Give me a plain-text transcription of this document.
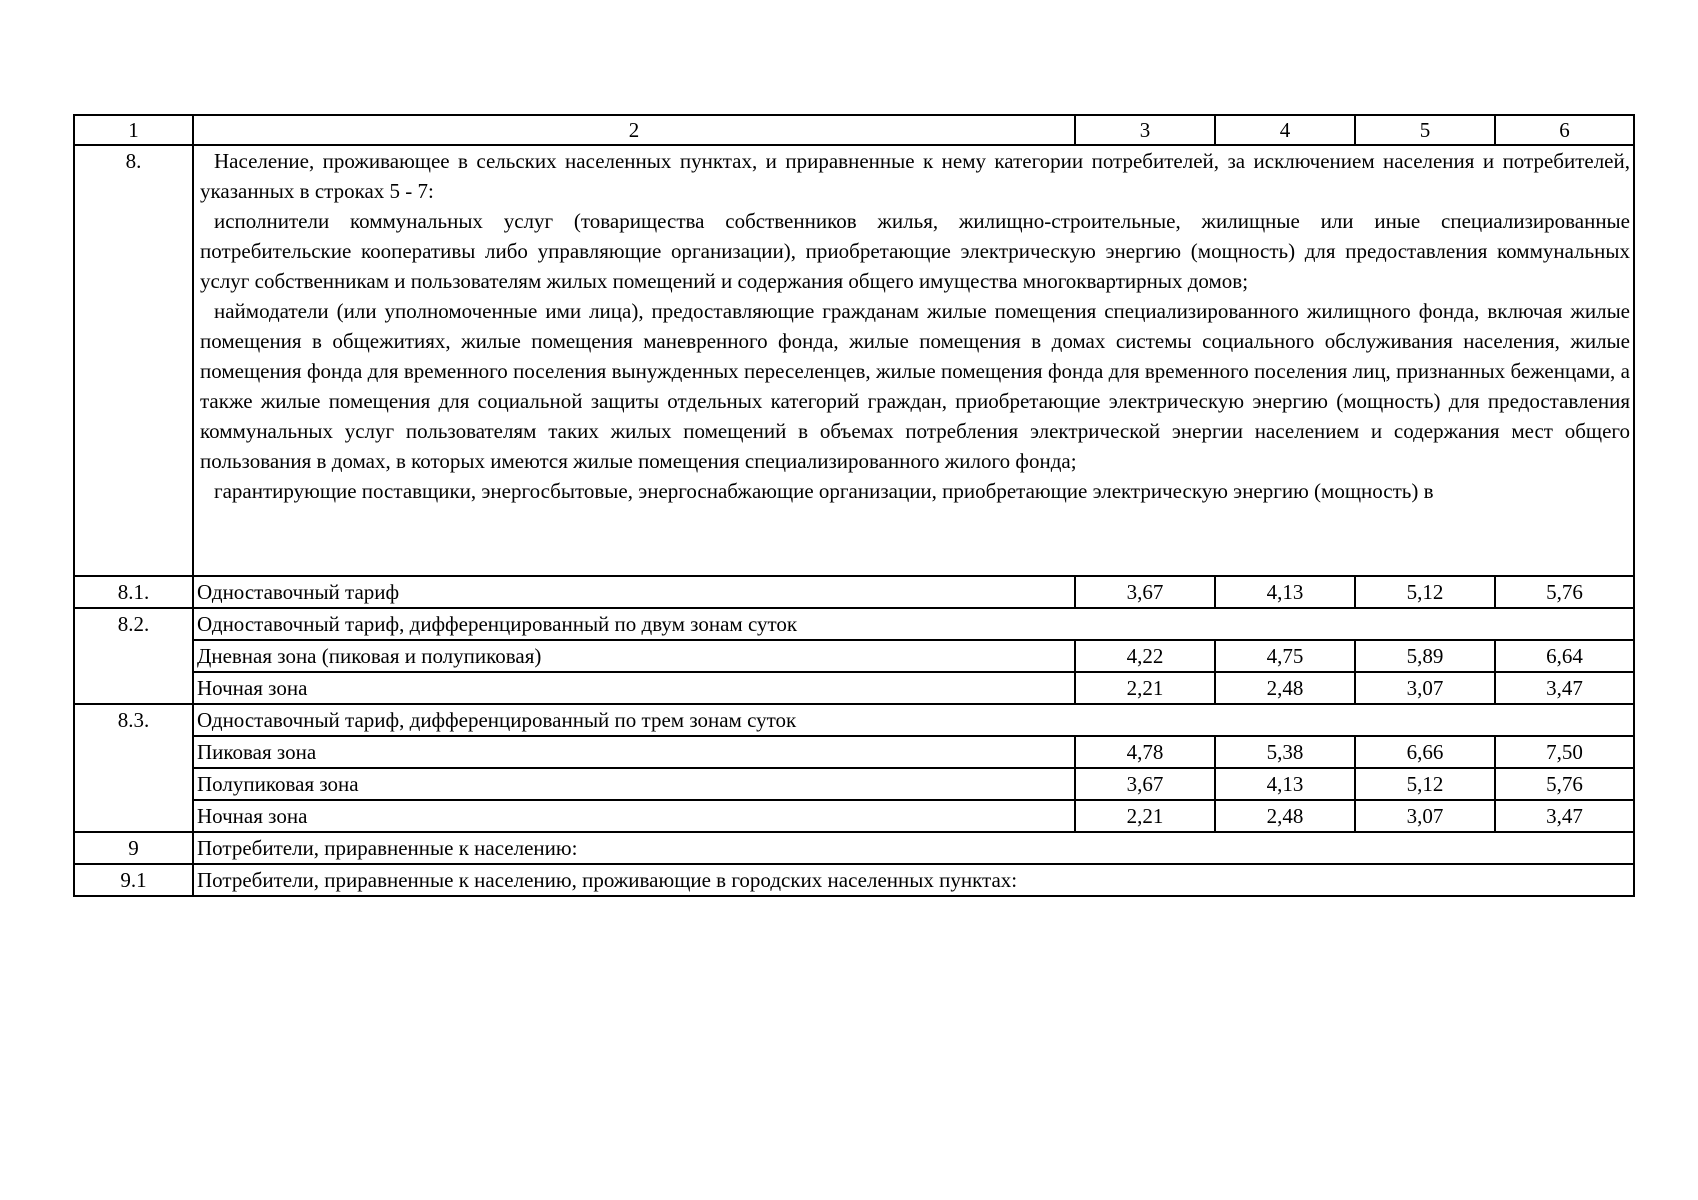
1	2	3	4	5	6
8.	Население, проживающее в сельских населенных пунктах, и приравненные к нему категории потребителей, за исключением населения и потребителей, указанных в строках 5 - 7:

исполнители коммунальных услуг (товарищества собственников жилья, жилищно-строительные, жилищные или иные специализированные потребительские кооперативы либо управляющие организации), приобретающие электрическую энергию (мощность) для предоставления коммунальных услуг собственникам и пользователям жилых помещений и содержания общего имущества многоквартирных домов;

наймодатели (или уполномоченные ими лица), предоставляющие гражданам жилые помещения специализированного жилищного фонда, включая жилые помещения в общежитиях, жилые помещения маневренного фонда, жилые помещения в домах системы социального обслуживания населения, жилые помещения фонда для временного поселения вынужденных переселенцев, жилые помещения фонда для временного поселения лиц, признанных беженцами, а также жилые помещения для социальной защиты отдельных категорий граждан, приобретающие электрическую энергию (мощность) для предоставления коммунальных услуг пользователям таких жилых помещений в объемах потребления электрической энергии населением и содержания мест общего пользования в домах, в которых имеются жилые помещения специализированного жилого фонда;

гарантирующие поставщики, энергосбытовые, энергоснабжающие организации, приобретающие электрическую энергию (мощность) в				

8.1.	Одноставочный тариф	3,67	4,13	5,12	5,76
8.2.	Одноставочный тариф, дифференцированный по двум зонам суток				
	Дневная зона (пиковая и полупиковая)	4,22	4,75	5,89	6,64
	Ночная зона	2,21	2,48	3,07	3,47
8.3.	Одноставочный тариф, дифференцированный по трем зонам суток				
	Пиковая зона	4,78	5,38	6,66	7,50
	Полупиковая зона	3,67	4,13	5,12	5,76
	Ночная зона	2,21	2,48	3,07	3,47
9	Потребители, приравненные к населению:				
9.1	Потребители, приравненные к населению, проживающие в городских населенных пунктах:				
